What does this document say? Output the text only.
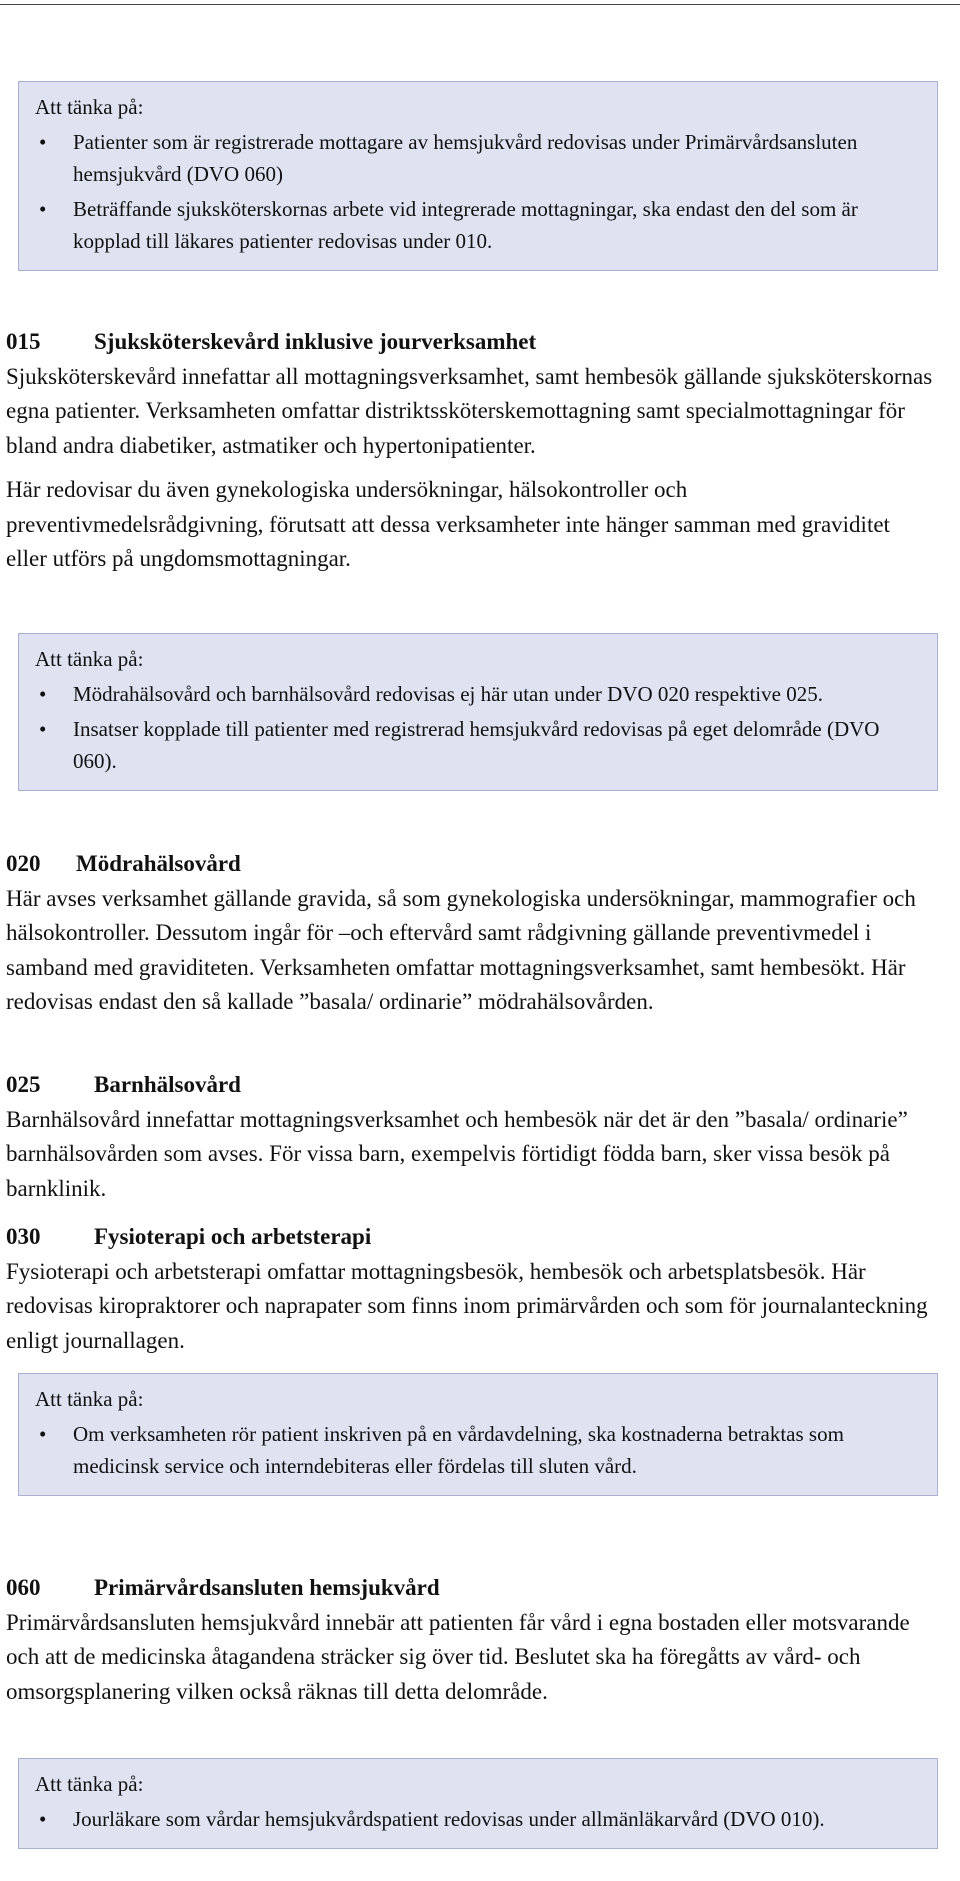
Att tänka på:
• Patienter som är registrerade mottagare av hemsjukvård redovisas under Primärvårdsansluten hemsjukvård (DVO 060)
• Beträffande sjuksköterskornas arbete vid integrerade mottagningar, ska endast den del som är kopplad till läkares patienter redovisas under 010.

015 Sjuksköterskevård inklusive jourverksamhet

Sjuksköterskevård innefattar all mottagningsverksamhet, samt hembesök gällande sjuksköterskornas egna patienter. Verksamheten omfattar distriktssköterskemottagning samt specialmottagningar för bland andra diabetiker, astmatiker och hypertonipatienter.

Här redovisar du även gynekologiska undersökningar, hälsokontroller och preventivmedelsrådgivning, förutsatt att dessa verksamheter inte hänger samman med graviditet eller utförs på ungdomsmottagningar.

Att tänka på:
• Mödrahälsovård och barnhälsovård redovisas ej här utan under DVO 020 respektive 025.
• Insatser kopplade till patienter med registrerad hemsjukvård redovisas på eget delområde (DVO 060).

020 Mödrahälsovård

Här avses verksamhet gällande gravida, så som gynekologiska undersökningar, mammografier och hälsokontroller. Dessutom ingår för –och eftervård samt rådgivning gällande preventivmedel i samband med graviditeten. Verksamheten omfattar mottagningsverksamhet, samt hembesökt. Här redovisas endast den så kallade ”basala/ ordinarie” mödrahälsovården.

025 Barnhälsovård

Barnhälsovård innefattar mottagningsverksamhet och hembesök när det är den ”basala/ ordinarie” barnhälsovården som avses. För vissa barn, exempelvis förtidigt födda barn, sker vissa besök på barnklinik.

030 Fysioterapi och arbetsterapi

Fysioterapi och arbetsterapi omfattar mottagningsbesök, hembesök och arbetsplatsbesök. Här redovisas kiropraktorer och naprapater som finns inom primärvården och som för journalanteckning enligt journallagen.

Att tänka på:
• Om verksamheten rör patient inskriven på en vårdavdelning, ska kostnaderna betraktas som medicinsk service och interndebiteras eller fördelas till sluten vård.

060 Primärvårdsansluten hemsjukvård

Primärvårdsansluten hemsjukvård innebär att patienten får vård i egna bostaden eller motsvarande och att de medicinska åtagandena sträcker sig över tid. Beslutet ska ha föregåtts av vård- och omsorgsplanering vilken också räknas till detta delområde.

Att tänka på:
• Jourläkare som vårdar hemsjukvårdspatient redovisas under allmänläkarvård (DVO 010).
